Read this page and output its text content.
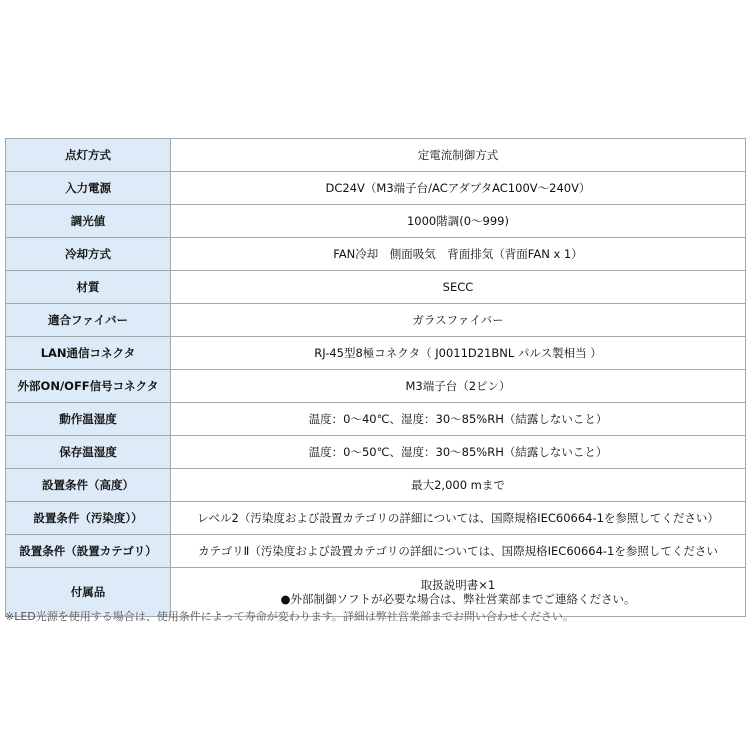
点灯方式	定電流制御方式
入力電源	DC24V（M3端子台/ACアダプタAC100V～240V）
調光値	1000階調(0～999)
冷却方式	FAN冷却　側面吸気　背面排気（背面FAN x 1）
材質	SECC
適合ファイバー	ガラスファイバー
LAN通信コネクタ	RJ-45型8極コネクタ（ J0011D21BNL パルス製相当 ）
外部ON/OFF信号コネクタ	M3端子台（2ピン）
動作温湿度	温度：0～40℃、湿度：30～85%RH（結露しないこと）
保存温湿度	温度：0～50℃、湿度：30～85%RH（結露しないこと）
設置条件（高度）	最大2,000 mまで
設置条件（汚染度））	レベル2（汚染度および設置カテゴリの詳細については、国際規格IEC60664-1を参照してください）
設置条件（設置カテゴリ）	カテゴリⅡ（汚染度および設置カテゴリの詳細については、国際規格IEC60664-1を参照してください
付属品	取扱説明書×1
●外部制御ソフトが必要な場合は、弊社営業部までご連絡ください。
※LED光源を使用する場合は、使用条件によって寿命が変わります。詳細は弊社営業部までお問い合わせください。
